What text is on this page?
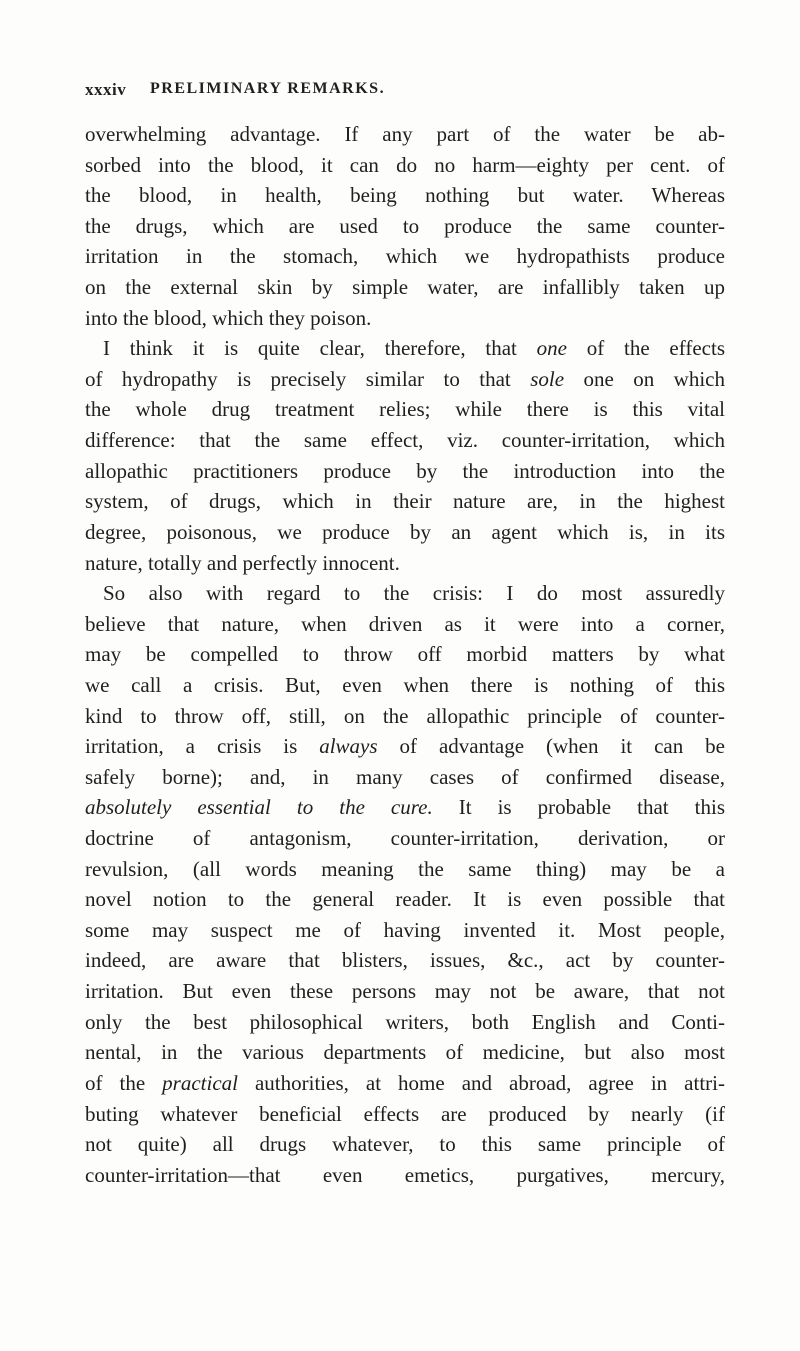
xxxiv PRELIMINARY REMARKS.
overwhelming advantage. If any part of the water be ab-
sorbed into the blood, it can do no harm—eighty per cent. of
the blood, in health, being nothing but water. Whereas
the drugs, which are used to produce the same counter-
irritation in the stomach, which we hydropathists produce
on the external skin by simple water, are infallibly taken up
into the blood, which they poison.
I think it is quite clear, therefore, that one of the effects
of hydropathy is precisely similar to that sole one on which
the whole drug treatment relies; while there is this vital
difference: that the same effect, viz. counter-irritation, which
allopathic practitioners produce by the introduction into the
system, of drugs, which in their nature are, in the highest
degree, poisonous, we produce by an agent which is, in its
nature, totally and perfectly innocent.
So also with regard to the crisis: I do most assuredly
believe that nature, when driven as it were into a corner,
may be compelled to throw off morbid matters by what
we call a crisis. But, even when there is nothing of this
kind to throw off, still, on the allopathic principle of counter-
irritation, a crisis is always of advantage (when it can be
safely borne); and, in many cases of confirmed disease,
absolutely essential to the cure. It is probable that this
doctrine of antagonism, counter-irritation, derivation, or
revulsion, (all words meaning the same thing) may be a
novel notion to the general reader. It is even possible that
some may suspect me of having invented it. Most people,
indeed, are aware that blisters, issues, &c., act by counter-
irritation. But even these persons may not be aware, that not
only the best philosophical writers, both English and Conti-
nental, in the various departments of medicine, but also most
of the practical authorities, at home and abroad, agree in attri-
buting whatever beneficial effects are produced by nearly (if
not quite) all drugs whatever, to this same principle of
counter-irritation—that even emetics, purgatives, mercury,
